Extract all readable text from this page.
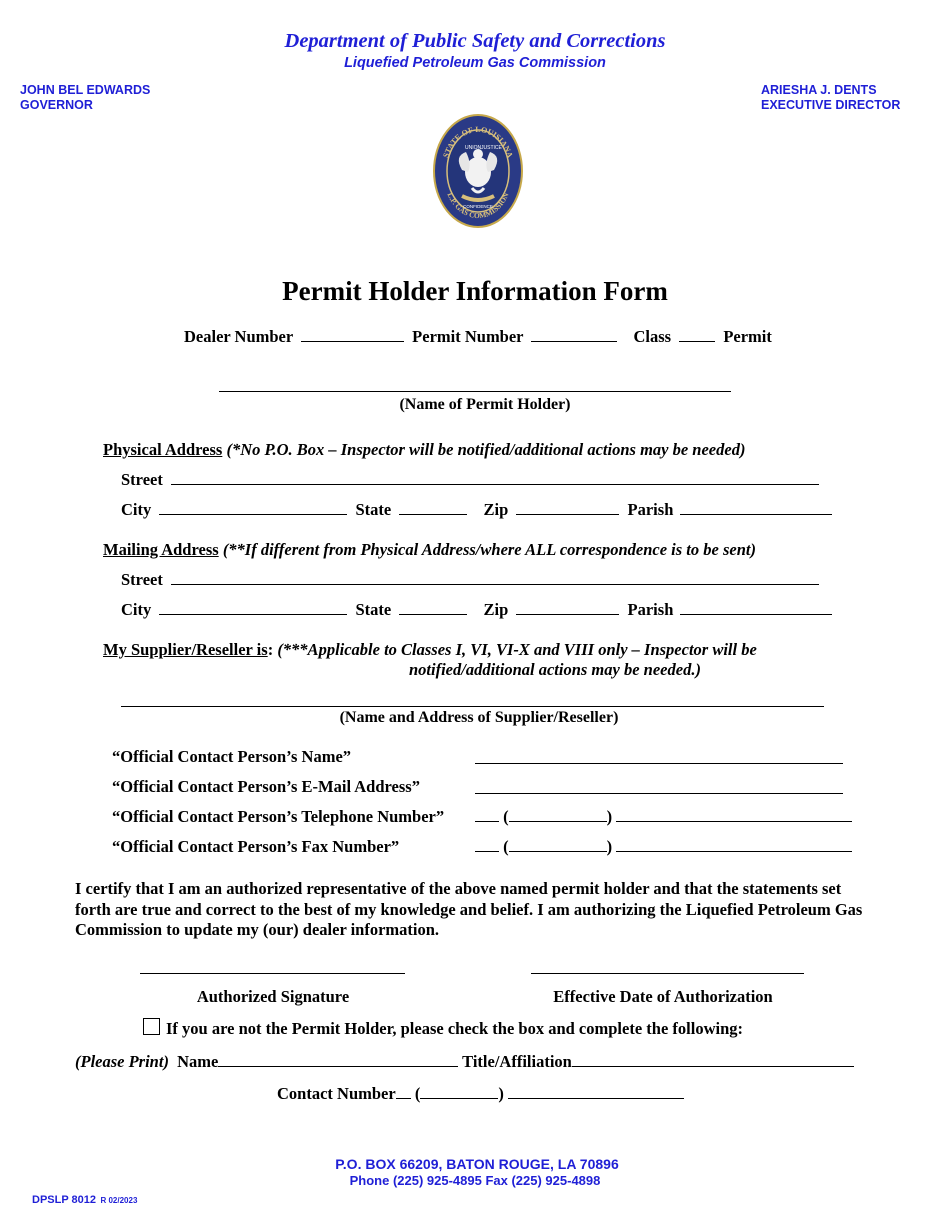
Department of Public Safety and Corrections
Liquefied Petroleum Gas Commission
JOHN BEL EDWARDS
GOVERNOR
ARIESHA J. DENTS
EXECUTIVE DIRECTOR
STATE OF LOUISIANA
L.P. GAS COMMISSION
UNION JUSTICE
CONFIDENCE
Permit Holder Information Form
Dealer Number	Permit Number	Class	Permit
(Name of Permit Holder)
Physical Address (*No P.O. Box – Inspector will be notified/additional actions may be needed)
Street
City	State	Zip	Parish
Mailing Address (**If different from Physical Address/where ALL correspondence is to be sent)
Street
City	State	Zip	Parish
My Supplier/Reseller is: (***Applicable to Classes I, VI, VI-X and VIII only – Inspector will be
notified/additional actions may be needed.)
(Name and Address of Supplier/Reseller)
“Official Contact Person’s Name”
“Official Contact Person’s E-Mail Address”
“Official Contact Person’s Telephone Number”	(	)
“Official Contact Person’s Fax Number”	(	)
I certify that I am an authorized representative of the above named permit holder and that the statements set forth are true and correct to the best of my knowledge and belief. I am authorizing the Liquefied Petroleum Gas Commission to update my (our) dealer information.
Authorized Signature	Effective Date of Authorization
If you are not the Permit Holder, please check the box and complete the following:
(Please Print) Name	Title/Affiliation
Contact Number (	)
P.O. BOX 66209, BATON ROUGE, LA 70896
Phone (225) 925-4895 Fax (225) 925-4898
DPSLP 8012 R 02/2023
